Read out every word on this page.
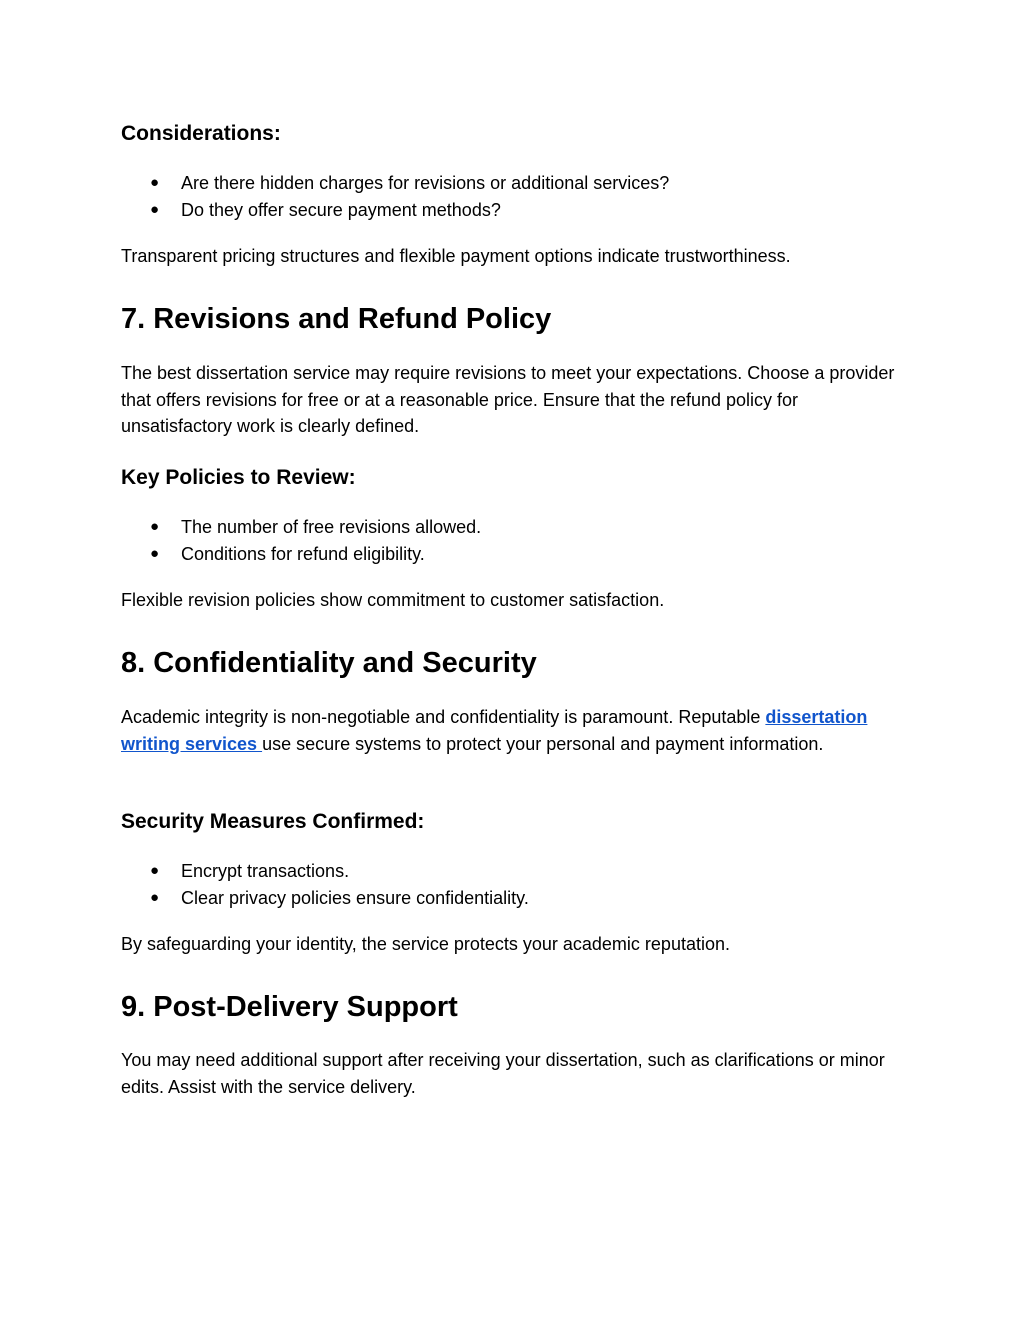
Considerations:
● Are there hidden charges for revisions or additional services?
● Do they offer secure payment methods?

Transparent pricing structures and flexible payment options indicate trustworthiness.

7. Revisions and Refund Policy

The best dissertation service may require revisions to meet your expectations. Choose a provider that offers revisions for free or at a reasonable price. Ensure that the refund policy for unsatisfactory work is clearly defined.

Key Policies to Review:
● The number of free revisions allowed.
● Conditions for refund eligibility.

Flexible revision policies show commitment to customer satisfaction.

8. Confidentiality and Security

Academic integrity is non-negotiable and confidentiality is paramount. Reputable dissertation writing services use secure systems to protect your personal and payment information.

Security Measures Confirmed:
● Encrypt transactions.
● Clear privacy policies ensure confidentiality.

By safeguarding your identity, the service protects your academic reputation.

9. Post-Delivery Support

You may need additional support after receiving your dissertation, such as clarifications or minor edits. Assist with the service delivery.
